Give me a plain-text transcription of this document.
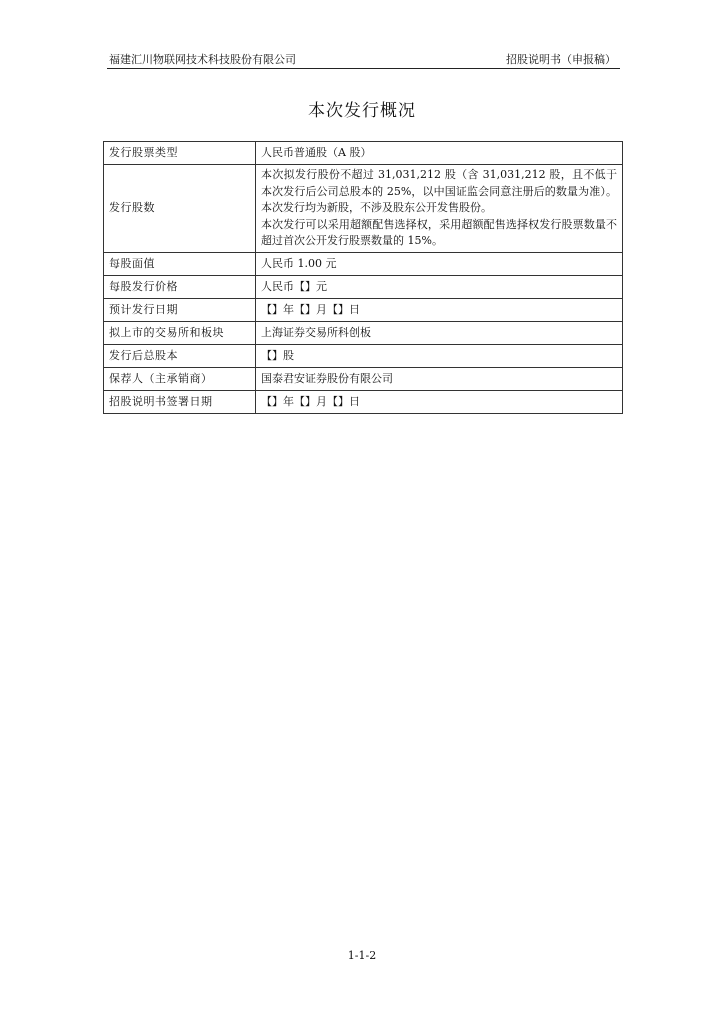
福建汇川物联网技术科技股份有限公司	招股说明书（申报稿）
本次发行概况
发行股票类型	人民币普通股（A 股）
发行股数	本次拟发行股份不超过 31,031,212 股（含 31,031,212 股，且不低于本次发行后公司总股本的 25%，以中国证监会同意注册后的数量为准）。本次发行均为新股，不涉及股东公开发售股份。
本次发行可以采用超额配售选择权，采用超额配售选择权发行股票数量不超过首次公开发行股票数量的 15%。

每股面值	人民币 1.00 元
每股发行价格	人民币【】元
预计发行日期	【】年【】月【】日
拟上市的交易所和板块	上海证券交易所科创板
发行后总股本	【】股
保荐人（主承销商）	国泰君安证券股份有限公司
招股说明书签署日期	【】年【】月【】日
1-1-2
